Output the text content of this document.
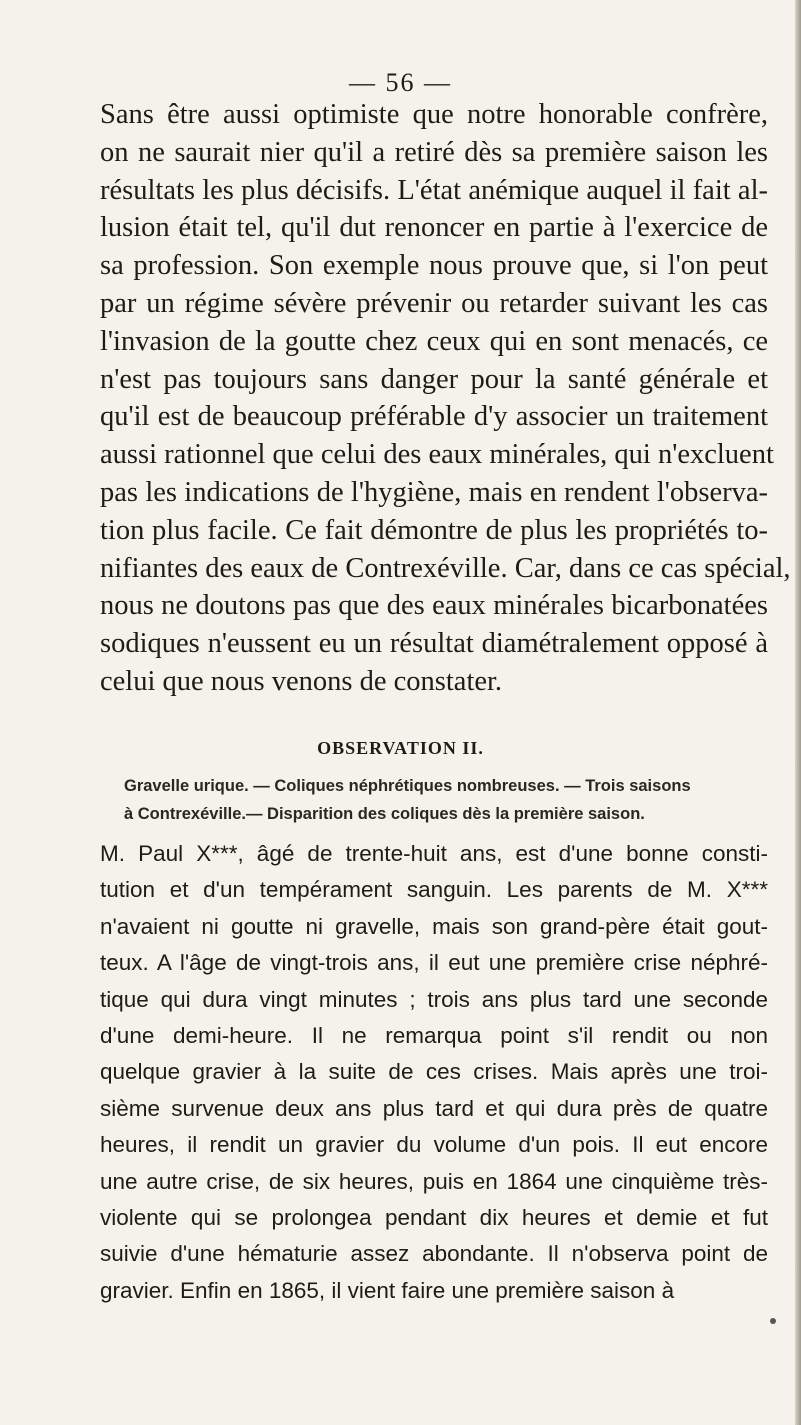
— 56 —
Sans être aussi optimiste que notre honorable confrère,
on ne saurait nier qu'il a retiré dès sa première saison les
résultats les plus décisifs. L'état anémique auquel il fait al-
lusion était tel, qu'il dut renoncer en partie à l'exercice de
sa profession. Son exemple nous prouve que, si l'on peut
par un régime sévère prévenir ou retarder suivant les cas
l'invasion de la goutte chez ceux qui en sont menacés, ce
n'est pas toujours sans danger pour la santé générale et
qu'il est de beaucoup préférable d'y associer un traitement
aussi rationnel que celui des eaux minérales, qui n'excluent
pas les indications de l'hygiène, mais en rendent l'observa-
tion plus facile. Ce fait démontre de plus les propriétés to-
nifiantes des eaux de Contrexéville. Car, dans ce cas spécial,
nous ne doutons pas que des eaux minérales bicarbonatées
sodiques n'eussent eu un résultat diamétralement opposé à
celui que nous venons de constater.
OBSERVATION II.
Gravelle urique. — Coliques néphrétiques nombreuses. — Trois saisons
à Contrexéville.— Disparition des coliques dès la première saison.
M. Paul X***, âgé de trente-huit ans, est d'une bonne consti-
tution et d'un tempérament sanguin. Les parents de M. X***
n'avaient ni goutte ni gravelle, mais son grand-père était gout-
teux. A l'âge de vingt-trois ans, il eut une première crise néphré-
tique qui dura vingt minutes ; trois ans plus tard une seconde
d'une demi-heure. Il ne remarqua point s'il rendit ou non
quelque gravier à la suite de ces crises. Mais après une troi-
sième survenue deux ans plus tard et qui dura près de quatre
heures, il rendit un gravier du volume d'un pois. Il eut encore
une autre crise, de six heures, puis en 1864 une cinquième très-
violente qui se prolongea pendant dix heures et demie et fut
suivie d'une hématurie assez abondante. Il n'observa point de
gravier. Enfin en 1865, il vient faire une première saison à
